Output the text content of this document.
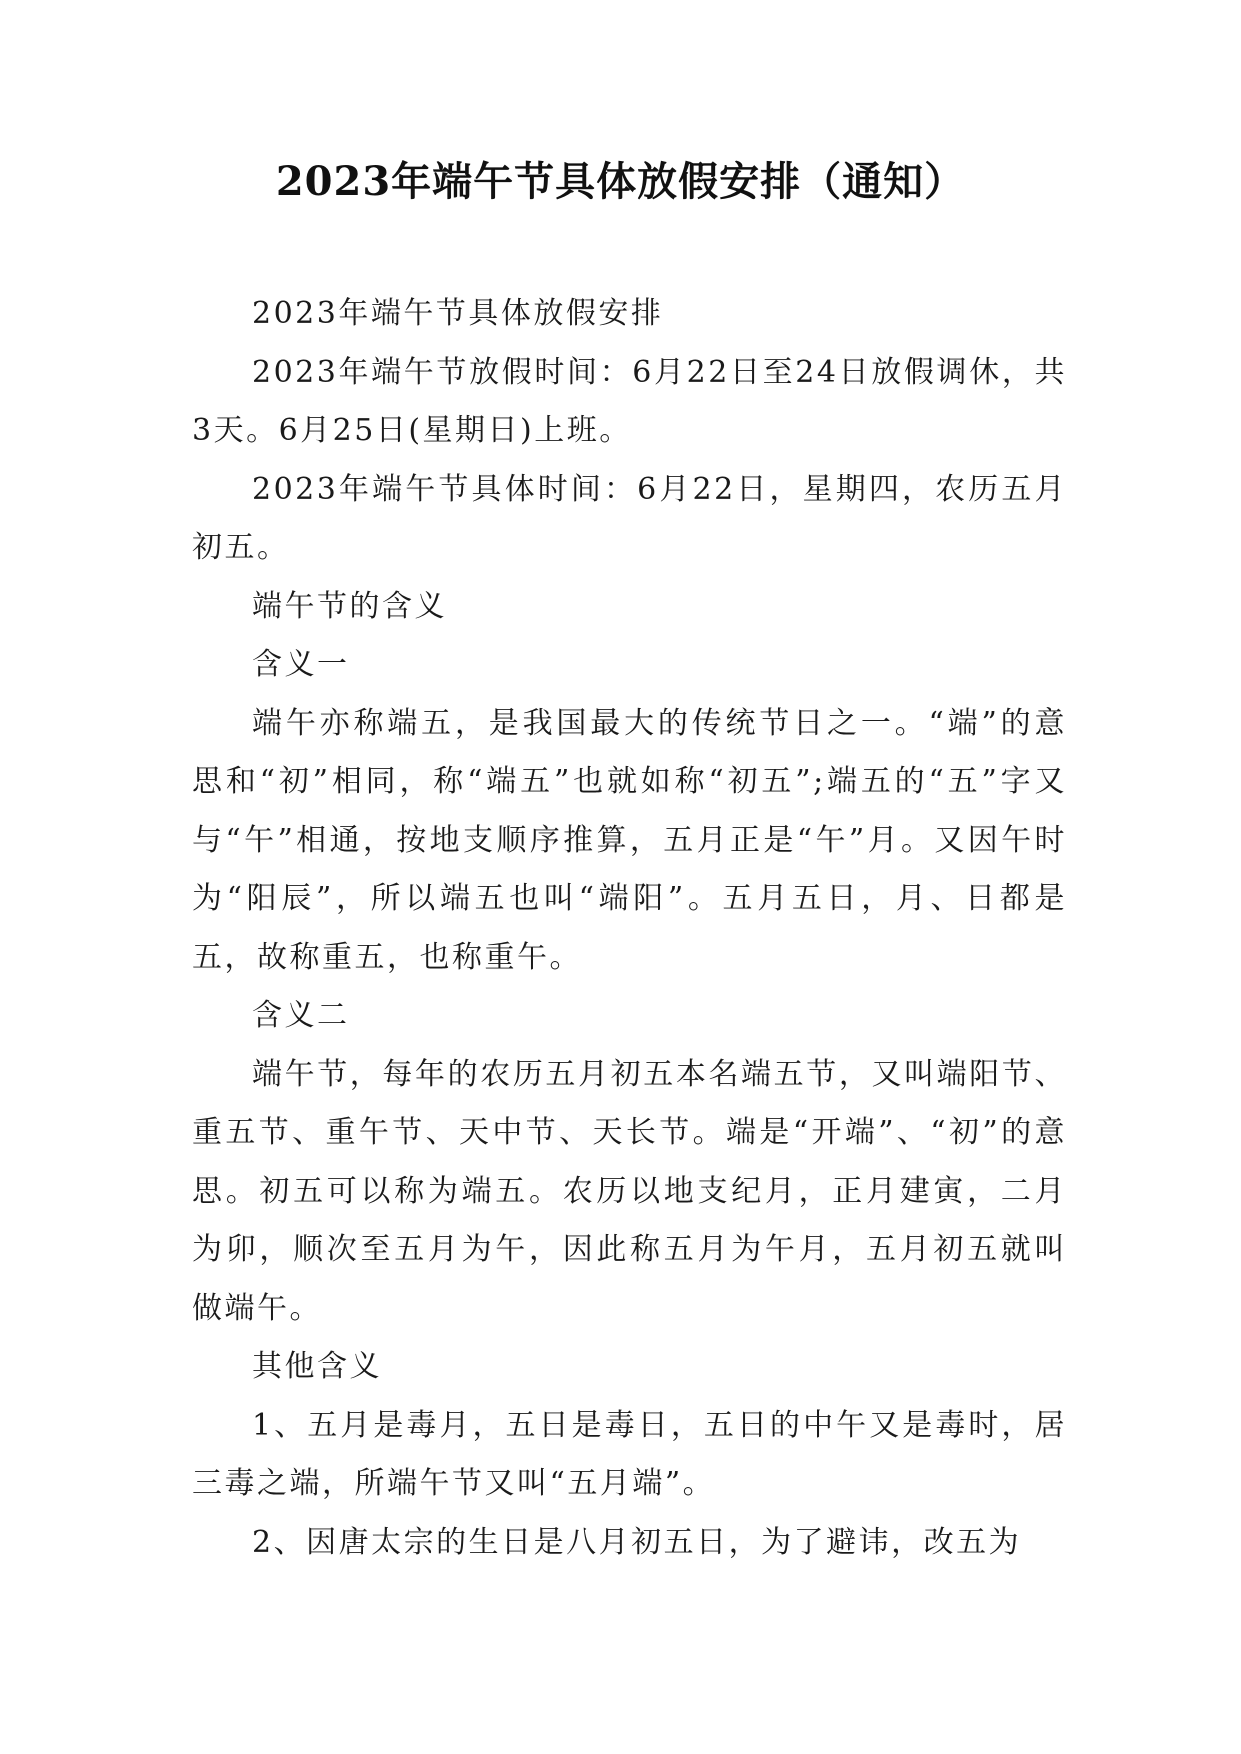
2023年端午节具体放假安排（通知）

2023年端午节具体放假安排

2023年端午节放假时间：6月22日至24日放假调休，共3天。6月25日(星期日)上班。

2023年端午节具体时间：6月22日，星期四，农历五月初五。

端午节的含义

含义一

端午亦称端五，是我国最大的传统节日之一。“端”的意思和“初”相同，称“端五”也就如称“初五”;端五的“五”字又与“午”相通，按地支顺序推算，五月正是“午”月。又因午时为“阳辰”，所以端五也叫“端阳”。五月五日，月、日都是五，故称重五，也称重午。

含义二

端午节，每年的农历五月初五本名端五节，又叫端阳节、重五节、重午节、天中节、天长节。端是“开端”、“初”的意思。初五可以称为端五。农历以地支纪月，正月建寅，二月为卯，顺次至五月为午，因此称五月为午月，五月初五就叫做端午。

其他含义

1、五月是毒月，五日是毒日，五日的中午又是毒时，居三毒之端，所端午节又叫“五月端”。

2、因唐太宗的生日是八月初五日，为了避讳，改五为
